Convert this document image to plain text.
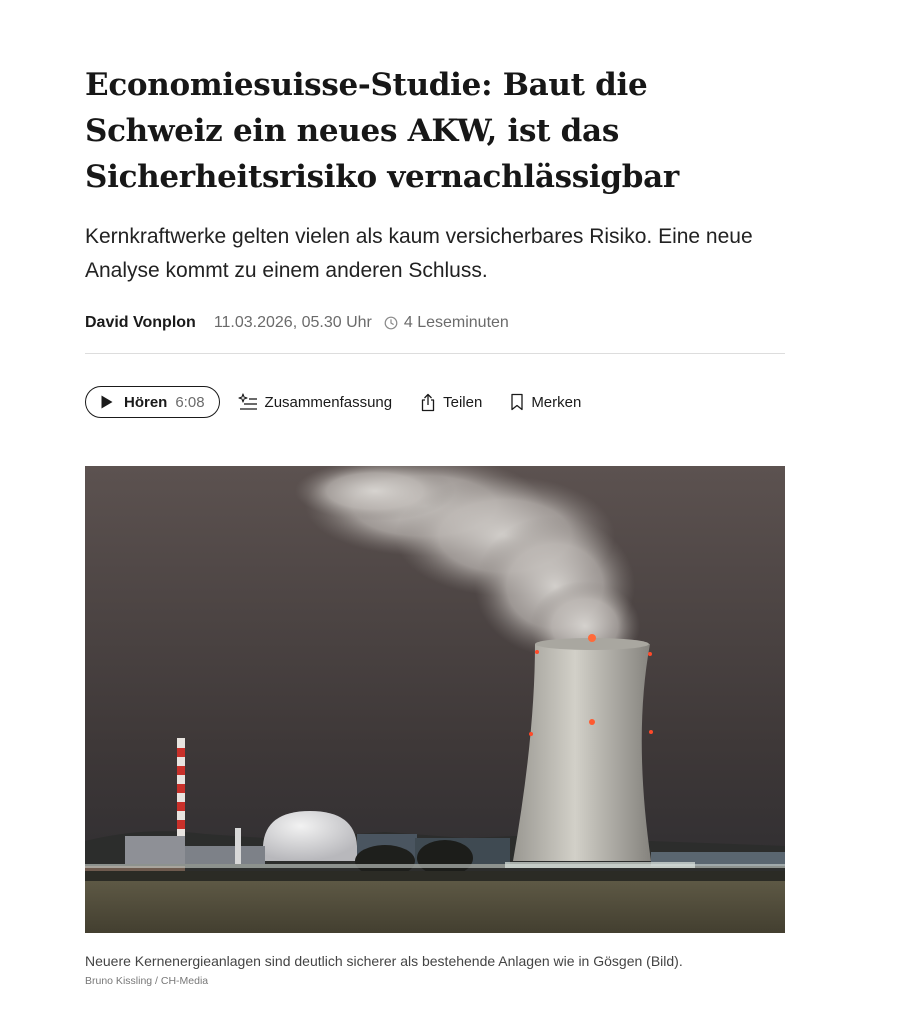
Economiesuisse-Studie: Baut die Schweiz ein neues AKW, ist das Sicherheitsrisiko vernachlässigbar

Kernkraftwerke gelten vielen als kaum versicherbares Risiko. Eine neue Analyse kommt zu einem anderen Schluss.

David Vonplon 11.03.2026, 05.30 Uhr 4 Leseminuten
Hören 6:08	Zusammenfassung	Teilen	Merken
Neuere Kernenergieanlagen sind deutlich sicherer als bestehende Anlagen wie in Gösgen (Bild).
Bruno Kissling / CH-Media
